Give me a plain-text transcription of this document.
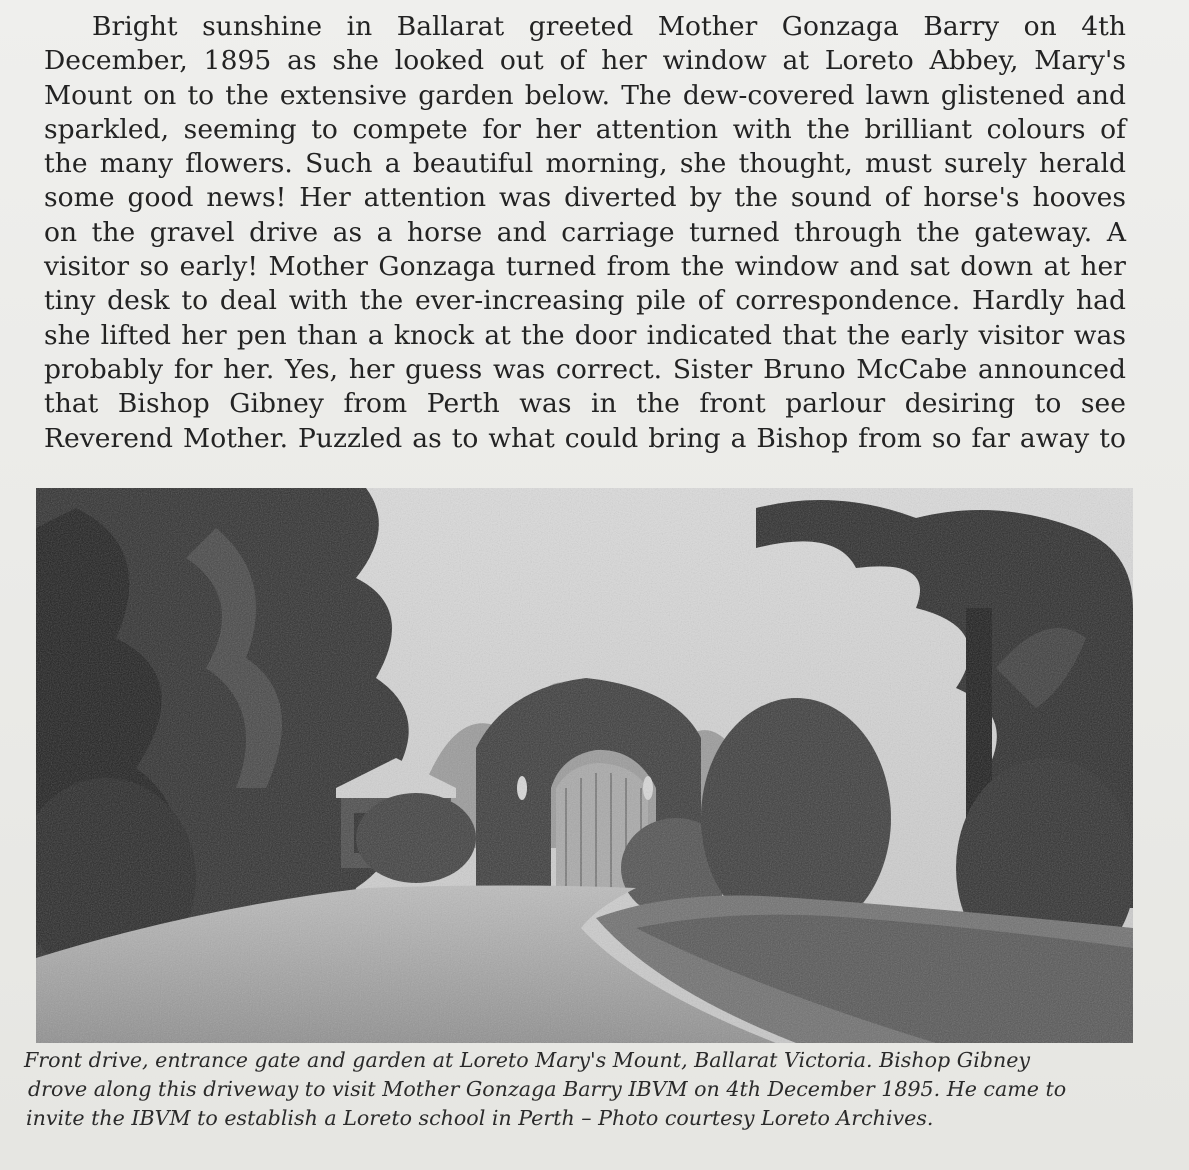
Bright sunshine in Ballarat greeted Mother Gonzaga Barry on 4th
December, 1895 as she looked out of her window at Loreto Abbey, Mary's
Mount on to the extensive garden below. The dew-covered lawn glistened and
sparkled, seeming to compete for her attention with the brilliant colours of
the many flowers. Such a beautiful morning, she thought, must surely herald
some good news! Her attention was diverted by the sound of horse's hooves
on the gravel drive as a horse and carriage turned through the gateway. A
visitor so early! Mother Gonzaga turned from the window and sat down at her
tiny desk to deal with the ever-increasing pile of correspondence. Hardly had
she lifted her pen than a knock at the door indicated that the early visitor was
probably for her. Yes, her guess was correct. Sister Bruno McCabe announced
that Bishop Gibney from Perth was in the front parlour desiring to see
Reverend Mother. Puzzled as to what could bring a Bishop from so far away to
Front drive, entrance gate and garden at Loreto Mary's Mount, Ballarat Victoria. Bishop Gibney
drove along this driveway to visit Mother Gonzaga Barry IBVM on 4th December 1895. He came to
invite the IBVM to establish a Loreto school in Perth – Photo courtesy Loreto Archives.
